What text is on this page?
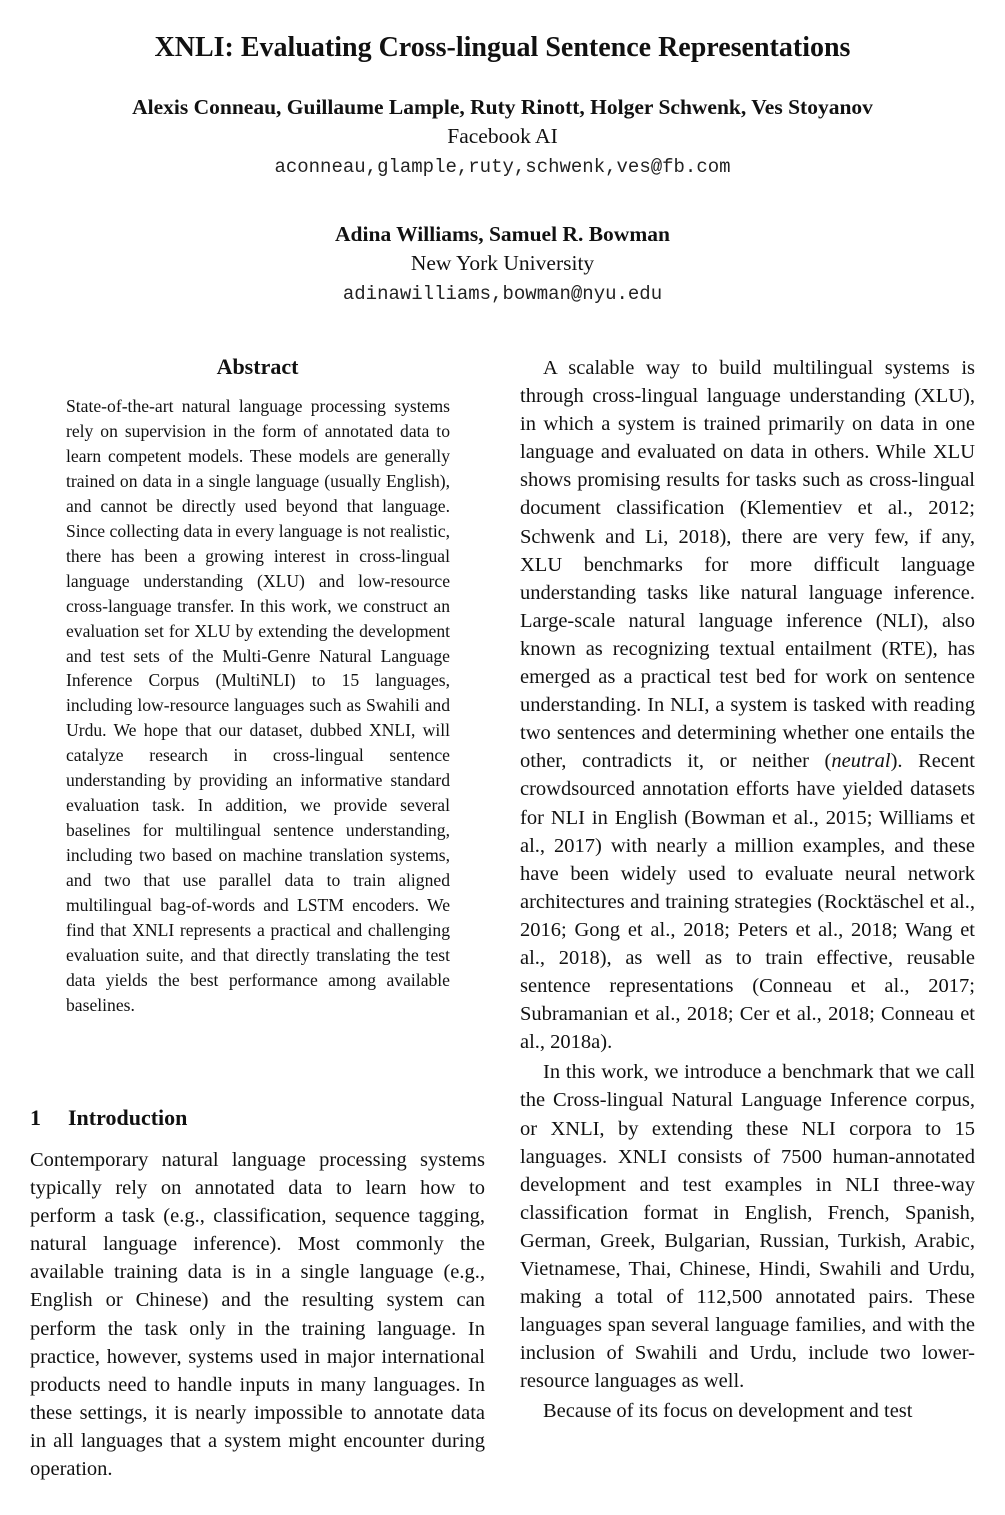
XNLI: Evaluating Cross-lingual Sentence Representations
Alexis Conneau, Guillaume Lample, Ruty Rinott, Holger Schwenk, Ves Stoyanov
Facebook AI
aconneau,glample,ruty,schwenk,ves@fb.com
Adina Williams, Samuel R. Bowman
New York University
adinawilliams,bowman@nyu.edu
Abstract

State-of-the-art natural language processing systems rely on supervision in the form of annotated data to learn competent models. These models are generally trained on data in a single language (usually English), and cannot be directly used beyond that language. Since collecting data in every language is not realistic, there has been a growing interest in cross-lingual language understanding (XLU) and low-resource cross-language transfer. In this work, we construct an evaluation set for XLU by extending the development and test sets of the Multi-Genre Natural Language Inference Corpus (MultiNLI) to 15 languages, including low-resource languages such as Swahili and Urdu. We hope that our dataset, dubbed XNLI, will catalyze research in cross-lingual sentence understanding by providing an informative standard evaluation task. In addition, we provide several baselines for multilingual sentence understanding, including two based on machine translation systems, and two that use parallel data to train aligned multilingual bag-of-words and LSTM encoders. We find that XNLI represents a practical and challenging evaluation suite, and that directly translating the test data yields the best performance among available baselines.

1 Introduction

Contemporary natural language processing systems typically rely on annotated data to learn how to perform a task (e.g., classification, sequence tagging, natural language inference). Most commonly the available training data is in a single language (e.g., English or Chinese) and the resulting system can perform the task only in the training language. In practice, however, systems used in major international products need to handle inputs in many languages. In these settings, it is nearly impossible to annotate data in all languages that a system might encounter during operation.

A scalable way to build multilingual systems is through cross-lingual language understanding (XLU), in which a system is trained primarily on data in one language and evaluated on data in others. While XLU shows promising results for tasks such as cross-lingual document classification (Klementiev et al., 2012; Schwenk and Li, 2018), there are very few, if any, XLU benchmarks for more difficult language understanding tasks like natural language inference. Large-scale natural language inference (NLI), also known as recognizing textual entailment (RTE), has emerged as a practical test bed for work on sentence understanding. In NLI, a system is tasked with reading two sentences and determining whether one entails the other, contradicts it, or neither (neutral). Recent crowdsourced annotation efforts have yielded datasets for NLI in English (Bowman et al., 2015; Williams et al., 2017) with nearly a million examples, and these have been widely used to evaluate neural network architectures and training strategies (Rocktäschel et al., 2016; Gong et al., 2018; Peters et al., 2018; Wang et al., 2018), as well as to train effective, reusable sentence representations (Conneau et al., 2017; Subramanian et al., 2018; Cer et al., 2018; Conneau et al., 2018a).

In this work, we introduce a benchmark that we call the Cross-lingual Natural Language Inference corpus, or XNLI, by extending these NLI corpora to 15 languages. XNLI consists of 7500 human-annotated development and test examples in NLI three-way classification format in English, French, Spanish, German, Greek, Bulgarian, Russian, Turkish, Arabic, Vietnamese, Thai, Chinese, Hindi, Swahili and Urdu, making a total of 112,500 annotated pairs. These languages span several language families, and with the inclusion of Swahili and Urdu, include two lower-resource languages as well.

Because of its focus on development and test
